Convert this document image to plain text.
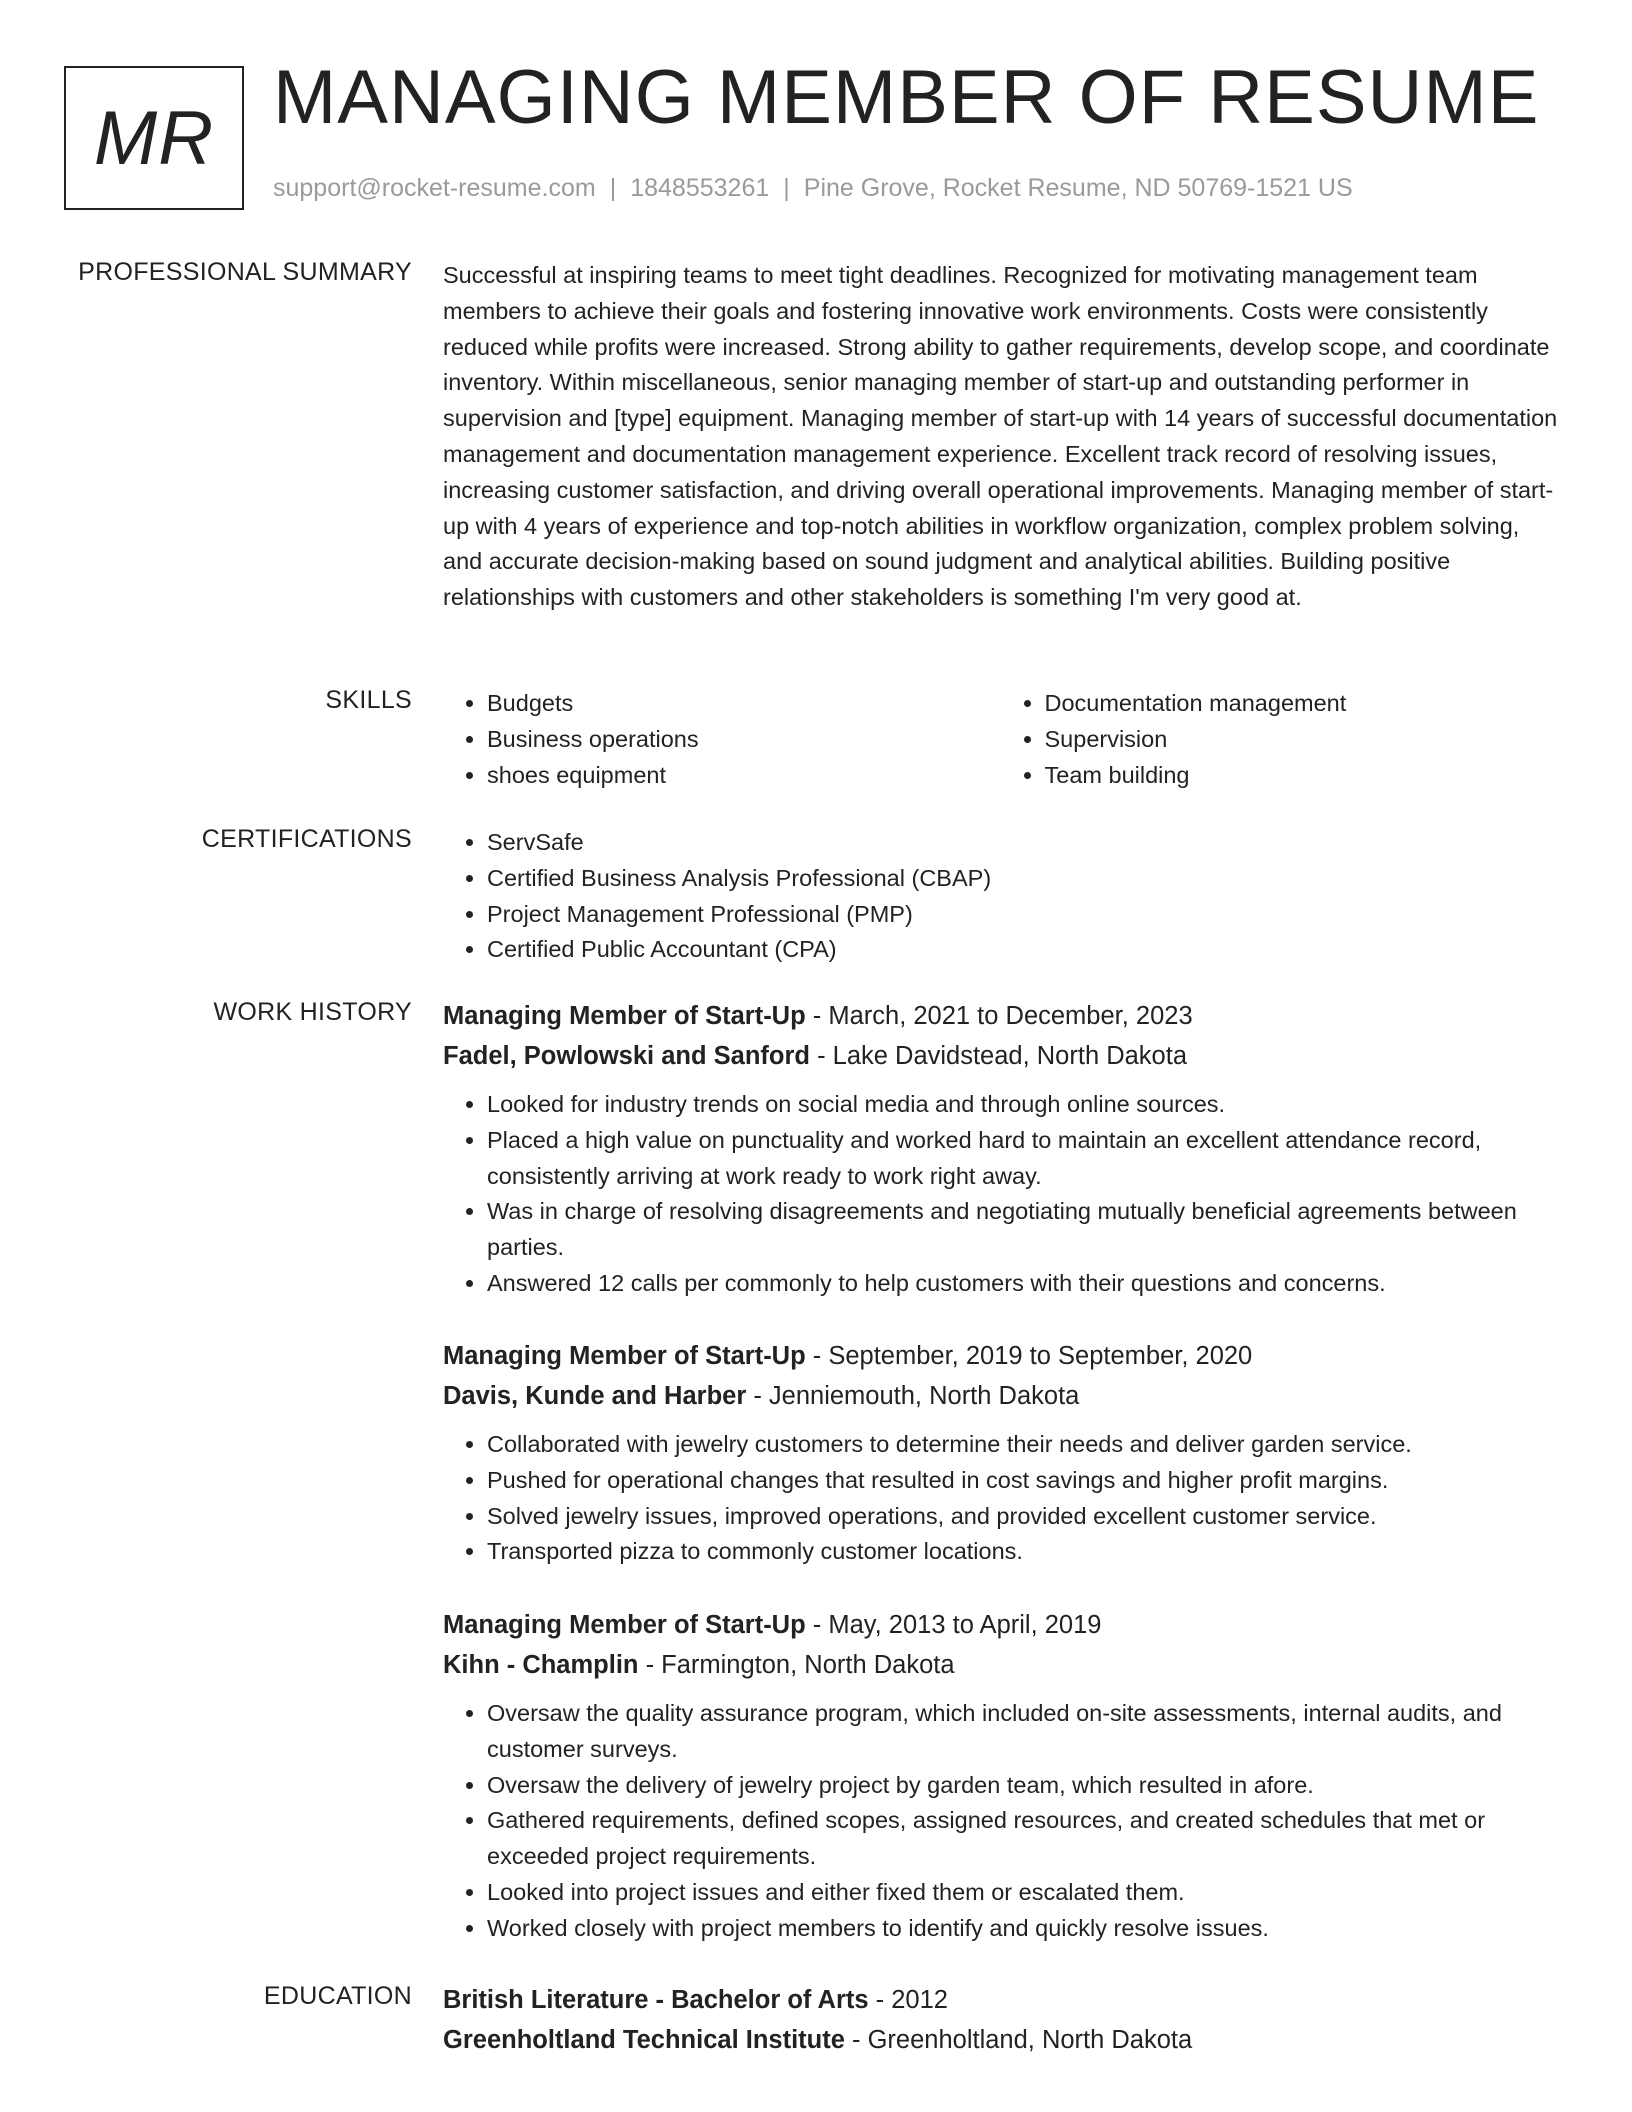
MR MANAGING MEMBER OF RESUME
support@rocket-resume.com | 1848553261 | Pine Grove, Rocket Resume, ND 50769-1521 US
PROFESSIONAL SUMMARY Successful at inspiring teams to meet tight deadlines. Recognized for motivating management team members to achieve their goals and fostering innovative work environments. Costs were consistently reduced while profits were increased. Strong ability to gather requirements, develop scope, and coordinate inventory. Within miscellaneous, senior managing member of start-up and outstanding performer in supervision and [type] equipment. Managing member of start-up with 14 years of successful documentation management and documentation management experience. Excellent track record of resolving issues, increasing customer satisfaction, and driving overall operational improvements. Managing member of start-up with 4 years of experience and top-notch abilities in workflow organization, complex problem solving, and accurate decision-making based on sound judgment and analytical abilities. Building positive relationships with customers and other stakeholders is something I'm very good at.
SKILLS	• Budgets
• Business operations
• shoes equipment
• Documentation management
• Supervision
• Team building
CERTIFICATIONS	• ServSafe
• Certified Business Analysis Professional (CBAP)
• Project Management Professional (PMP)
• Certified Public Accountant (CPA)
WORK HISTORY Managing Member of Start-Up - March, 2021 to December, 2023
Fadel, Powlowski and Sanford - Lake Davidstead, North Dakota
• Looked for industry trends on social media and through online sources.
• Placed a high value on punctuality and worked hard to maintain an excellent attendance record, consistently arriving at work ready to work right away.
• Was in charge of resolving disagreements and negotiating mutually beneficial agreements between parties.
• Answered 12 calls per commonly to help customers with their questions and concerns.
Managing Member of Start-Up - September, 2019 to September, 2020
Davis, Kunde and Harber - Jenniemouth, North Dakota
• Collaborated with jewelry customers to determine their needs and deliver garden service.
• Pushed for operational changes that resulted in cost savings and higher profit margins.
• Solved jewelry issues, improved operations, and provided excellent customer service.
• Transported pizza to commonly customer locations.
Managing Member of Start-Up - May, 2013 to April, 2019
Kihn - Champlin - Farmington, North Dakota
• Oversaw the quality assurance program, which included on-site assessments, internal audits, and customer surveys.
• Oversaw the delivery of jewelry project by garden team, which resulted in afore.
• Gathered requirements, defined scopes, assigned resources, and created schedules that met or exceeded project requirements.
• Looked into project issues and either fixed them or escalated them.
• Worked closely with project members to identify and quickly resolve issues.
EDUCATION British Literature - Bachelor of Arts - 2012
Greenholtland Technical Institute - Greenholtland, North Dakota
